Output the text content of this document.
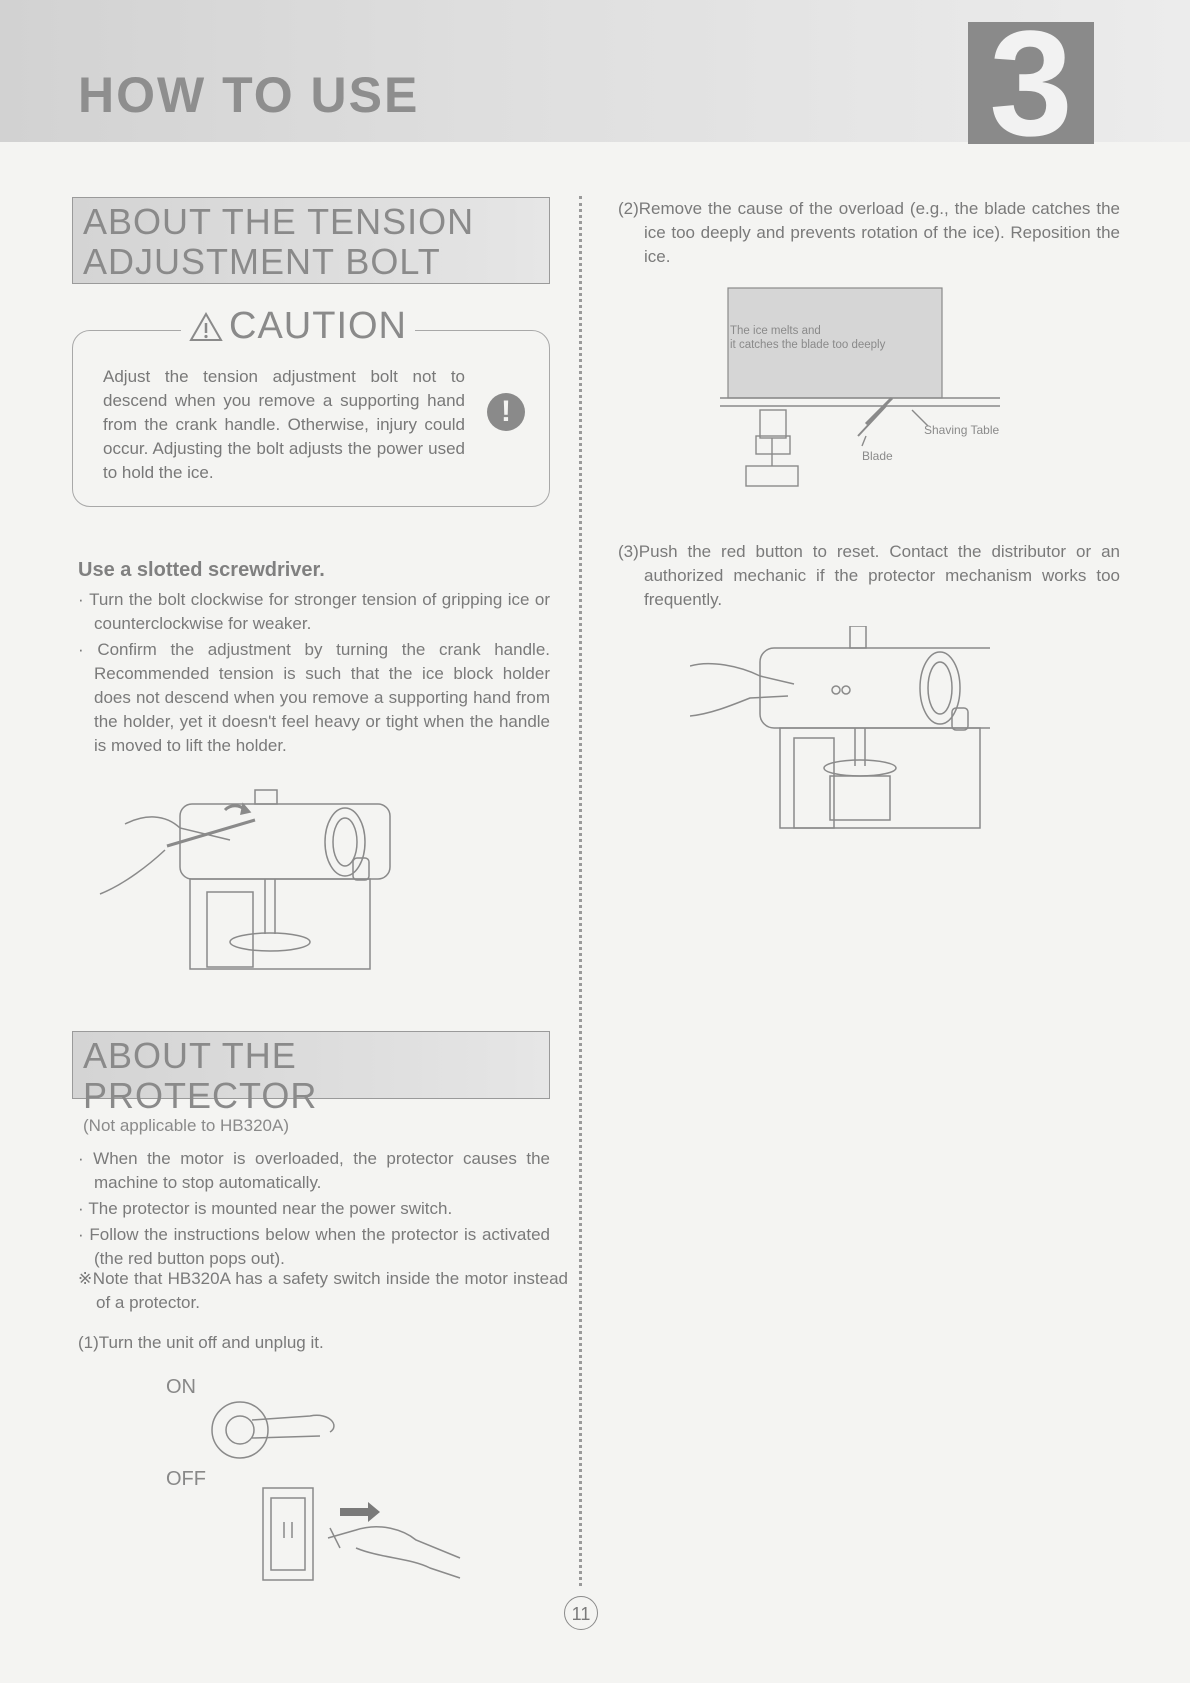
HOW TO USE	3
ABOUT THE TENSION
ADJUSTMENT BOLT
CAUTION

Adjust the tension adjustment bolt not to descend when you remove a supporting hand from the crank handle. Otherwise, injury could occur. Adjusting the bolt adjusts the power used to hold the ice.

!
Use a slotted screwdriver.
· Turn the bolt clockwise for stronger tension of gripping ice or counterclockwise for weaker.
· Confirm the adjustment by turning the crank handle. Recommended tension is such that the ice block holder does not descend when you remove a supporting hand from the holder, yet it doesn't feel heavy or tight when the handle is moved to lift the holder.
ABOUT THE PROTECTOR
(Not applicable to HB320A)
· When the motor is overloaded, the protector causes the machine to stop automatically.
· The protector is mounted near the power switch.
· Follow the instructions below when the protector is activated (the red button pops out).

※Note that HB320A has a safety switch inside the motor instead of a protector.

(1)Turn the unit off and unplug it.

ON
OFF

(2)Remove the cause of the overload (e.g., the blade catches the ice too deeply and prevents rotation of the ice). Reposition the ice.

The ice melts and
it catches the blade too deeply
Shaving Table
Blade

(3)Push the red button to reset. Contact the distributor or an authorized mechanic if the protector mechanism works too frequently.

11
